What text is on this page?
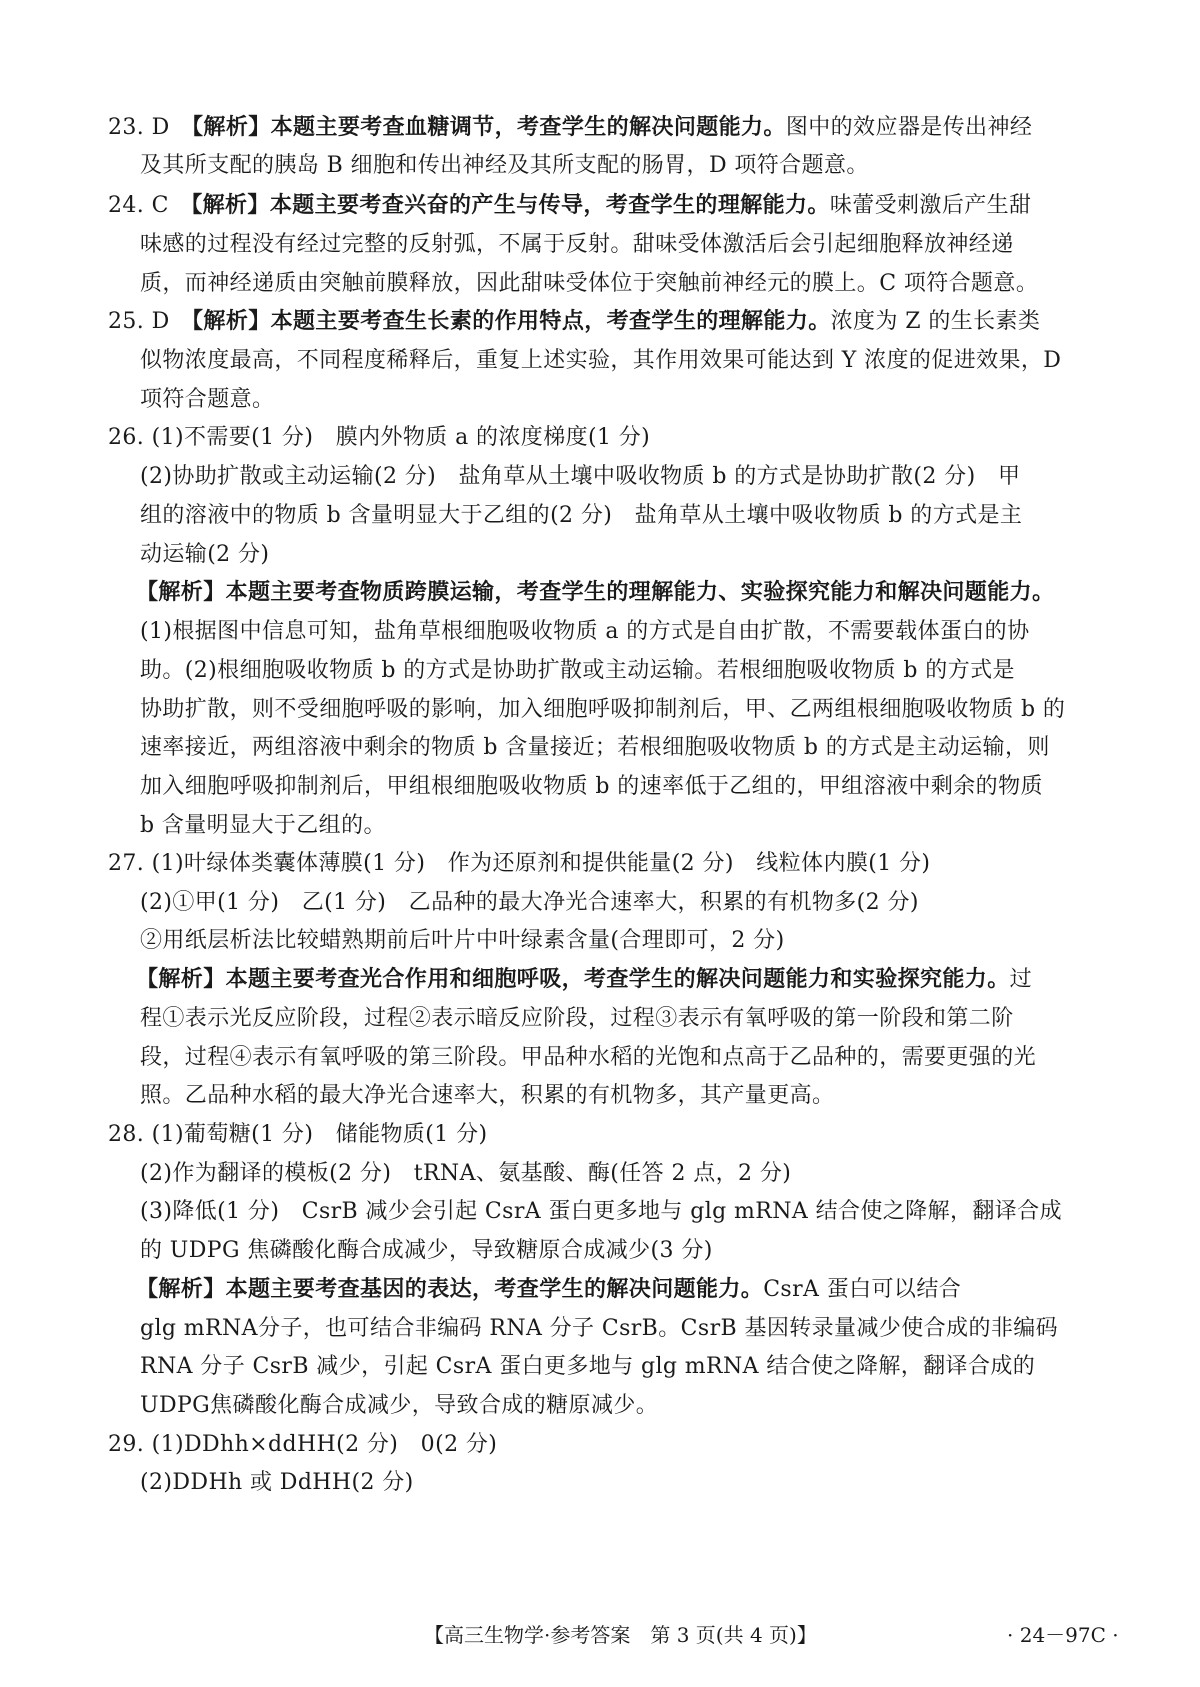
23. D　【解析】本题主要考查血糖调节，考查学生的解决问题能力。图中的效应器是传出神经
及其所支配的胰岛 B 细胞和传出神经及其所支配的肠胃，D 项符合题意。
24. C　【解析】本题主要考查兴奋的产生与传导，考查学生的理解能力。味蕾受刺激后产生甜
味感的过程没有经过完整的反射弧，不属于反射。甜味受体激活后会引起细胞释放神经递
质，而神经递质由突触前膜释放，因此甜味受体位于突触前神经元的膜上。C 项符合题意。
25. D　【解析】本题主要考查生长素的作用特点，考查学生的理解能力。浓度为 Z 的生长素类
似物浓度最高，不同程度稀释后，重复上述实验，其作用效果可能达到 Y 浓度的促进效果，D
项符合题意。
26. (1)不需要(1 分)　膜内外物质 a 的浓度梯度(1 分)
(2)协助扩散或主动运输(2 分)　盐角草从土壤中吸收物质 b 的方式是协助扩散(2 分)　甲
组的溶液中的物质 b 含量明显大于乙组的(2 分)　盐角草从土壤中吸收物质 b 的方式是主
动运输(2 分)
【解析】本题主要考查物质跨膜运输，考查学生的理解能力、实验探究能力和解决问题能力。
(1)根据图中信息可知，盐角草根细胞吸收物质 a 的方式是自由扩散，不需要载体蛋白的协
助。(2)根细胞吸收物质 b 的方式是协助扩散或主动运输。若根细胞吸收物质 b 的方式是
协助扩散，则不受细胞呼吸的影响，加入细胞呼吸抑制剂后，甲、乙两组根细胞吸收物质 b 的
速率接近，两组溶液中剩余的物质 b 含量接近；若根细胞吸收物质 b 的方式是主动运输，则
加入细胞呼吸抑制剂后，甲组根细胞吸收物质 b 的速率低于乙组的，甲组溶液中剩余的物质
b 含量明显大于乙组的。
27. (1)叶绿体类囊体薄膜(1 分)　作为还原剂和提供能量(2 分)　线粒体内膜(1 分)
(2)①甲(1 分)　乙(1 分)　乙品种的最大净光合速率大，积累的有机物多(2 分)
②用纸层析法比较蜡熟期前后叶片中叶绿素含量(合理即可，2 分)
【解析】本题主要考查光合作用和细胞呼吸，考查学生的解决问题能力和实验探究能力。过
程①表示光反应阶段，过程②表示暗反应阶段，过程③表示有氧呼吸的第一阶段和第二阶
段，过程④表示有氧呼吸的第三阶段。甲品种水稻的光饱和点高于乙品种的，需要更强的光
照。乙品种水稻的最大净光合速率大，积累的有机物多，其产量更高。
28. (1)葡萄糖(1 分)　储能物质(1 分)
(2)作为翻译的模板(2 分)　tRNA、氨基酸、酶(任答 2 点，2 分)
(3)降低(1 分)　CsrB 减少会引起 CsrA 蛋白更多地与 glg mRNA 结合使之降解，翻译合成
的 UDPG 焦磷酸化酶合成减少，导致糖原合成减少(3 分)
【解析】本题主要考查基因的表达，考查学生的解决问题能力。CsrA 蛋白可以结合
glg mRNA分子，也可结合非编码 RNA 分子 CsrB。CsrB 基因转录量减少使合成的非编码
RNA 分子 CsrB 减少，引起 CsrA 蛋白更多地与 glg mRNA 结合使之降解，翻译合成的
UDPG焦磷酸化酶合成减少，导致合成的糖原减少。
29. (1)DDhh×ddHH(2 分)　0(2 分)
(2)DDHh 或 DdHH(2 分)
【高三生物学·参考答案　第 3 页(共 4 页)】	· 24－97C ·
